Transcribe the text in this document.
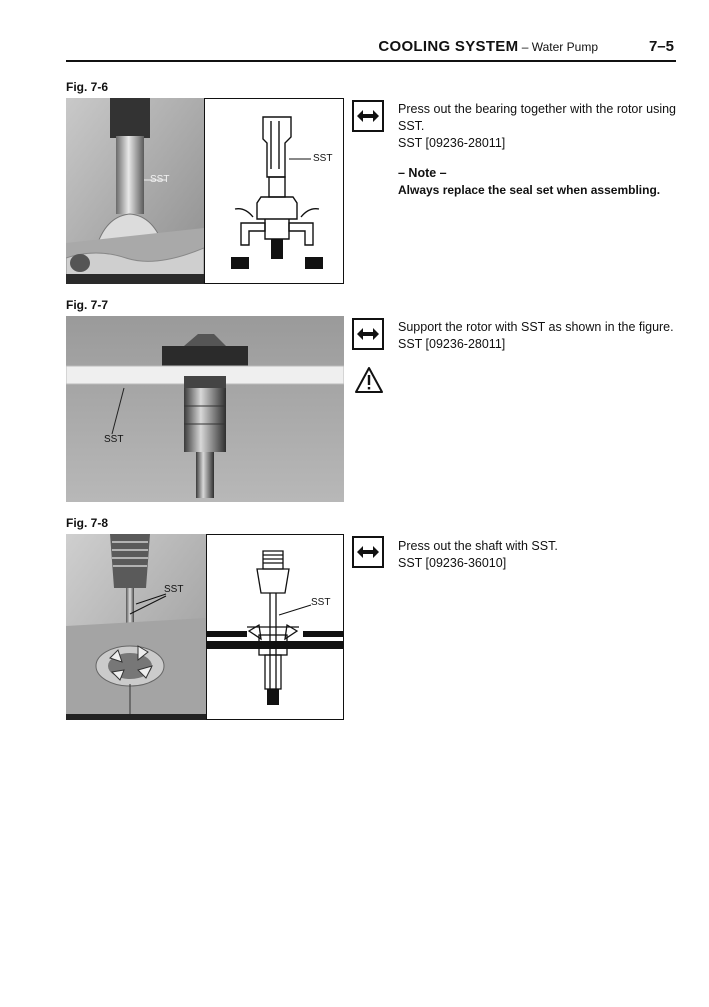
COOLING SYSTEM – Water Pump	7–5
Fig. 7-6
SST
SST

Press out the bearing together with the rotor using SST.

SST [09236-28011]

– Note –

Always replace the seal set when assembling.

Fig. 7-7
SST

Support the rotor with SST as shown in the figure.

SST [09236-28011]

Fig. 7-8
SST
SST

Press out the shaft with SST.

SST [09236-36010]
